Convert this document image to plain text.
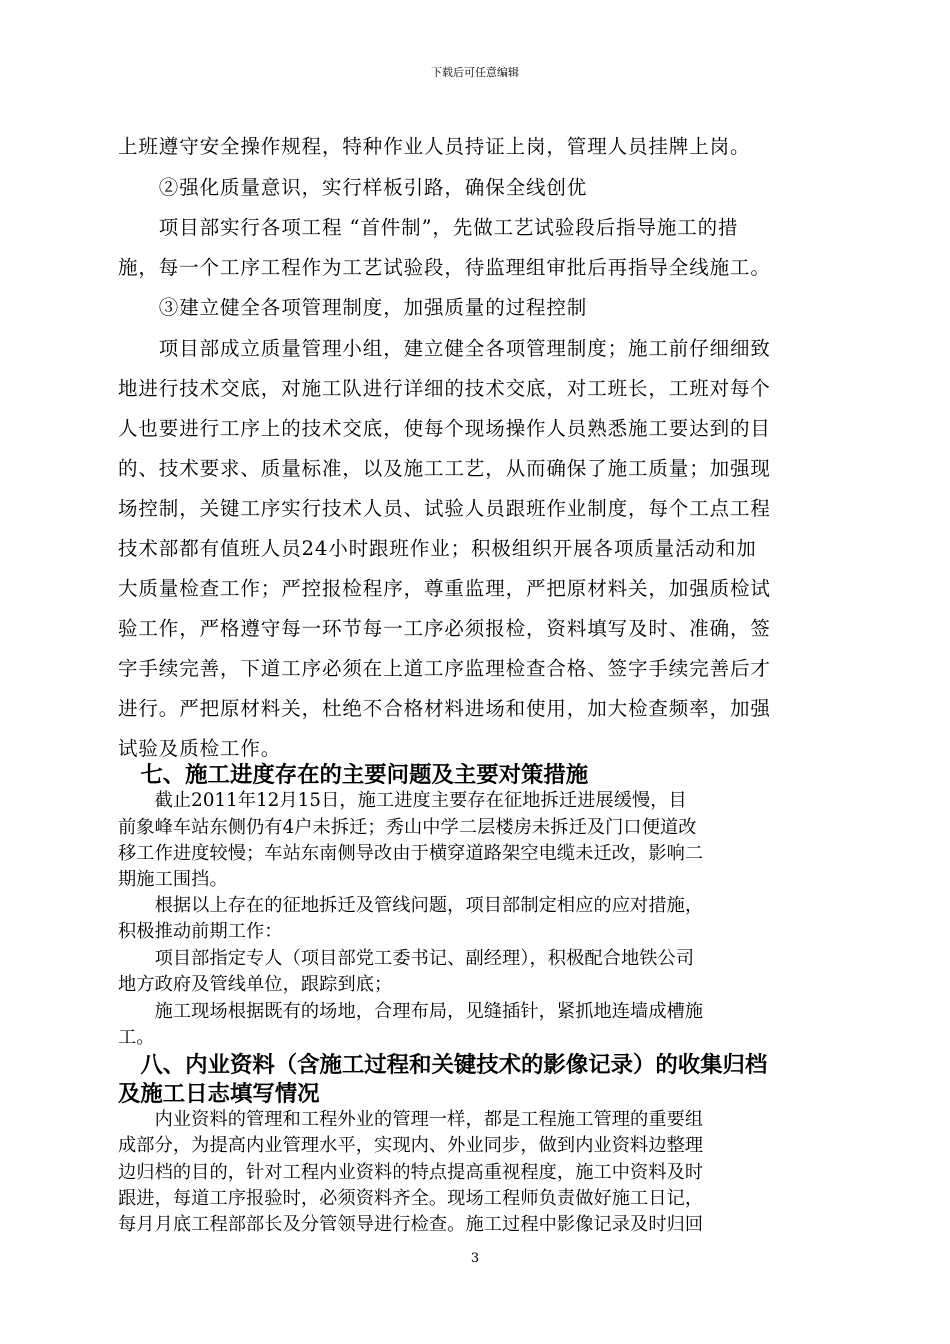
下载后可任意编辑
上班遵守安全操作规程，特种作业人员持证上岗，管理人员挂牌上岗。
　　②强化质量意识，实行样板引路，确保全线创优
　　项目部实行各项工程 “首件制”，先做工艺试验段后指导施工的措
施，每一个工序工程作为工艺试验段，待监理组审批后再指导全线施工。
　　③建立健全各项管理制度，加强质量的过程控制
　　项目部成立质量管理小组，建立健全各项管理制度；施工前仔细细致
地进行技术交底，对施工队进行详细的技术交底，对工班长，工班对每个
人也要进行工序上的技术交底，使每个现场操作人员熟悉施工要达到的目
的、技术要求、质量标准，以及施工工艺，从而确保了施工质量；加强现
场控制，关键工序实行技术人员、试验人员跟班作业制度，每个工点工程
技术部都有值班人员24小时跟班作业；积极组织开展各项质量活动和加
大质量检查工作；严控报检程序，尊重监理，严把原材料关，加强质检试
验工作，严格遵守每一环节每一工序必须报检，资料填写及时、准确，签
字手续完善，下道工序必须在上道工序监理检查合格、签字手续完善后才
进行。严把原材料关，杜绝不合格材料进场和使用，加大检查频率，加强
试验及质检工作。
　七、施工进度存在的主要问题及主要对策措施
　　截止2011年12月15日，施工进度主要存在征地拆迁进展缓慢，目
前象峰车站东侧仍有4户未拆迁；秀山中学二层楼房未拆迁及门口便道改
移工作进度较慢；车站东南侧导改由于横穿道路架空电缆未迁改，影响二
期施工围挡。
　　根据以上存在的征地拆迁及管线问题，项目部制定相应的应对措施，
积极推动前期工作：
　　项目部指定专人（项目部党工委书记、副经理），积极配合地铁公司
地方政府及管线单位，跟踪到底；
　　施工现场根据既有的场地，合理布局，见缝插针，紧抓地连墙成槽施
工。
　八、内业资料（含施工过程和关键技术的影像记录）的收集归档
及施工日志填写情况
　　内业资料的管理和工程外业的管理一样，都是工程施工管理的重要组
成部分，为提高内业管理水平，实现内、外业同步，做到内业资料边整理
边归档的目的，针对工程内业资料的特点提高重视程度，施工中资料及时
跟进，每道工序报验时，必须资料齐全。现场工程师负责做好施工日记，
每月月底工程部部长及分管领导进行检查。施工过程中影像记录及时归回
3
